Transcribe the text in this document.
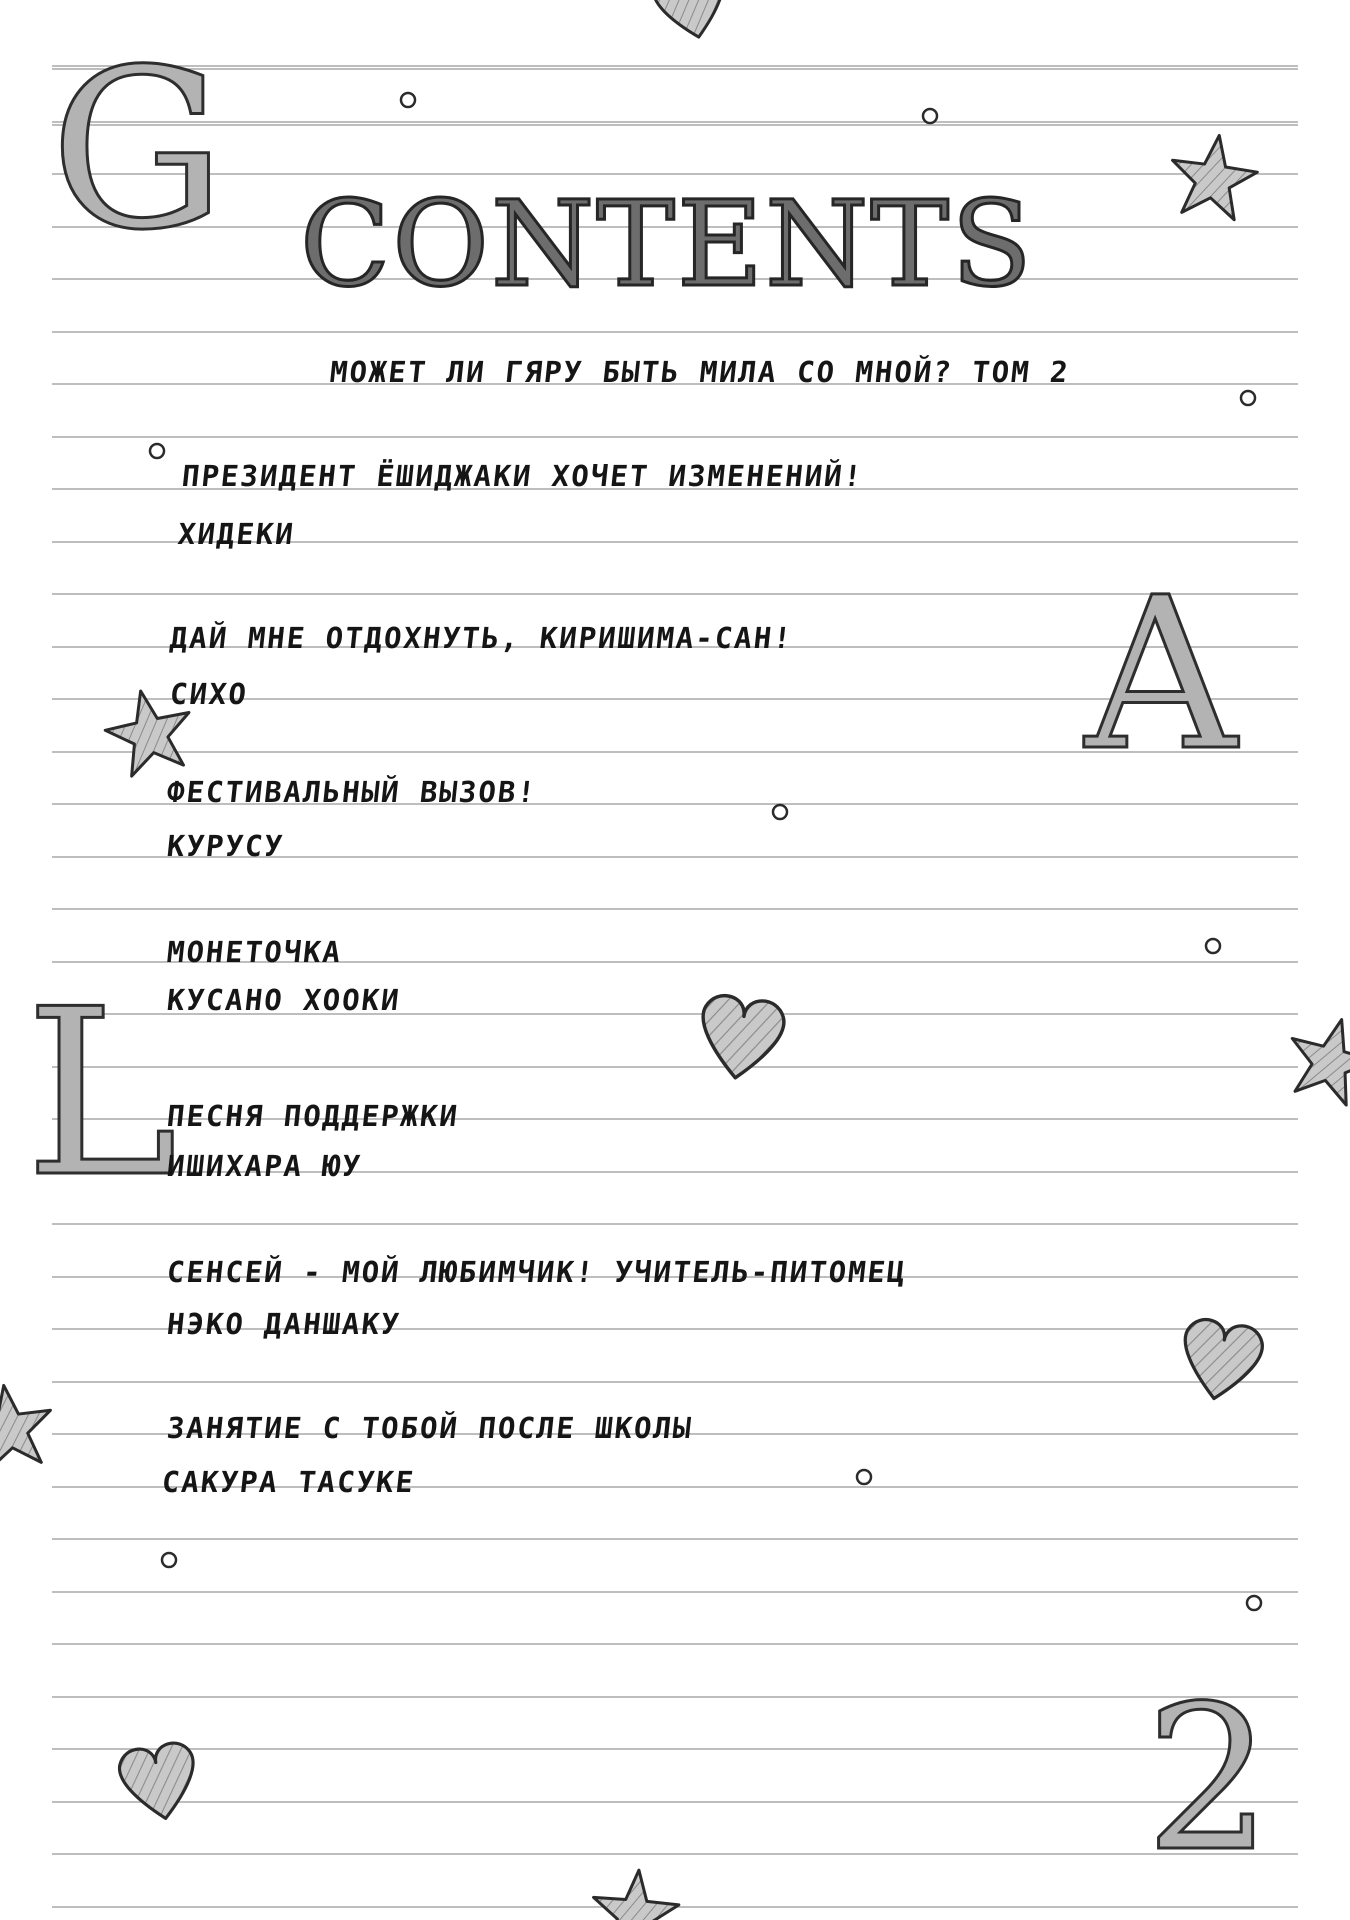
G
A
L
2
CONTENTS
МОЖЕТ ЛИ ГЯРУ БЫТЬ МИЛА СО МНОЙ? ТОМ 2
ПРЕЗИДЕНТ ЁШИДЖАКИ ХОЧЕТ ИЗМЕНЕНИЙ!
ХИДЕКИ
ДАЙ МНЕ ОТДОХНУТЬ, КИРИШИМА-САН!
СИХО
ФЕСТИВАЛЬНЫЙ ВЫЗОВ!
КУРУСУ
МОНЕТОЧКА
КУСАНО ХООКИ
ПЕСНЯ ПОДДЕРЖКИ
ИШИХАРА ЮУ
СЕНСЕЙ - МОЙ ЛЮБИМЧИК! УЧИТЕЛЬ-ПИТОМЕЦ
НЭКО ДАНШАКУ
ЗАНЯТИЕ С ТОБОЙ ПОСЛЕ ШКОЛЫ
САКУРА ТАСУКЕ
